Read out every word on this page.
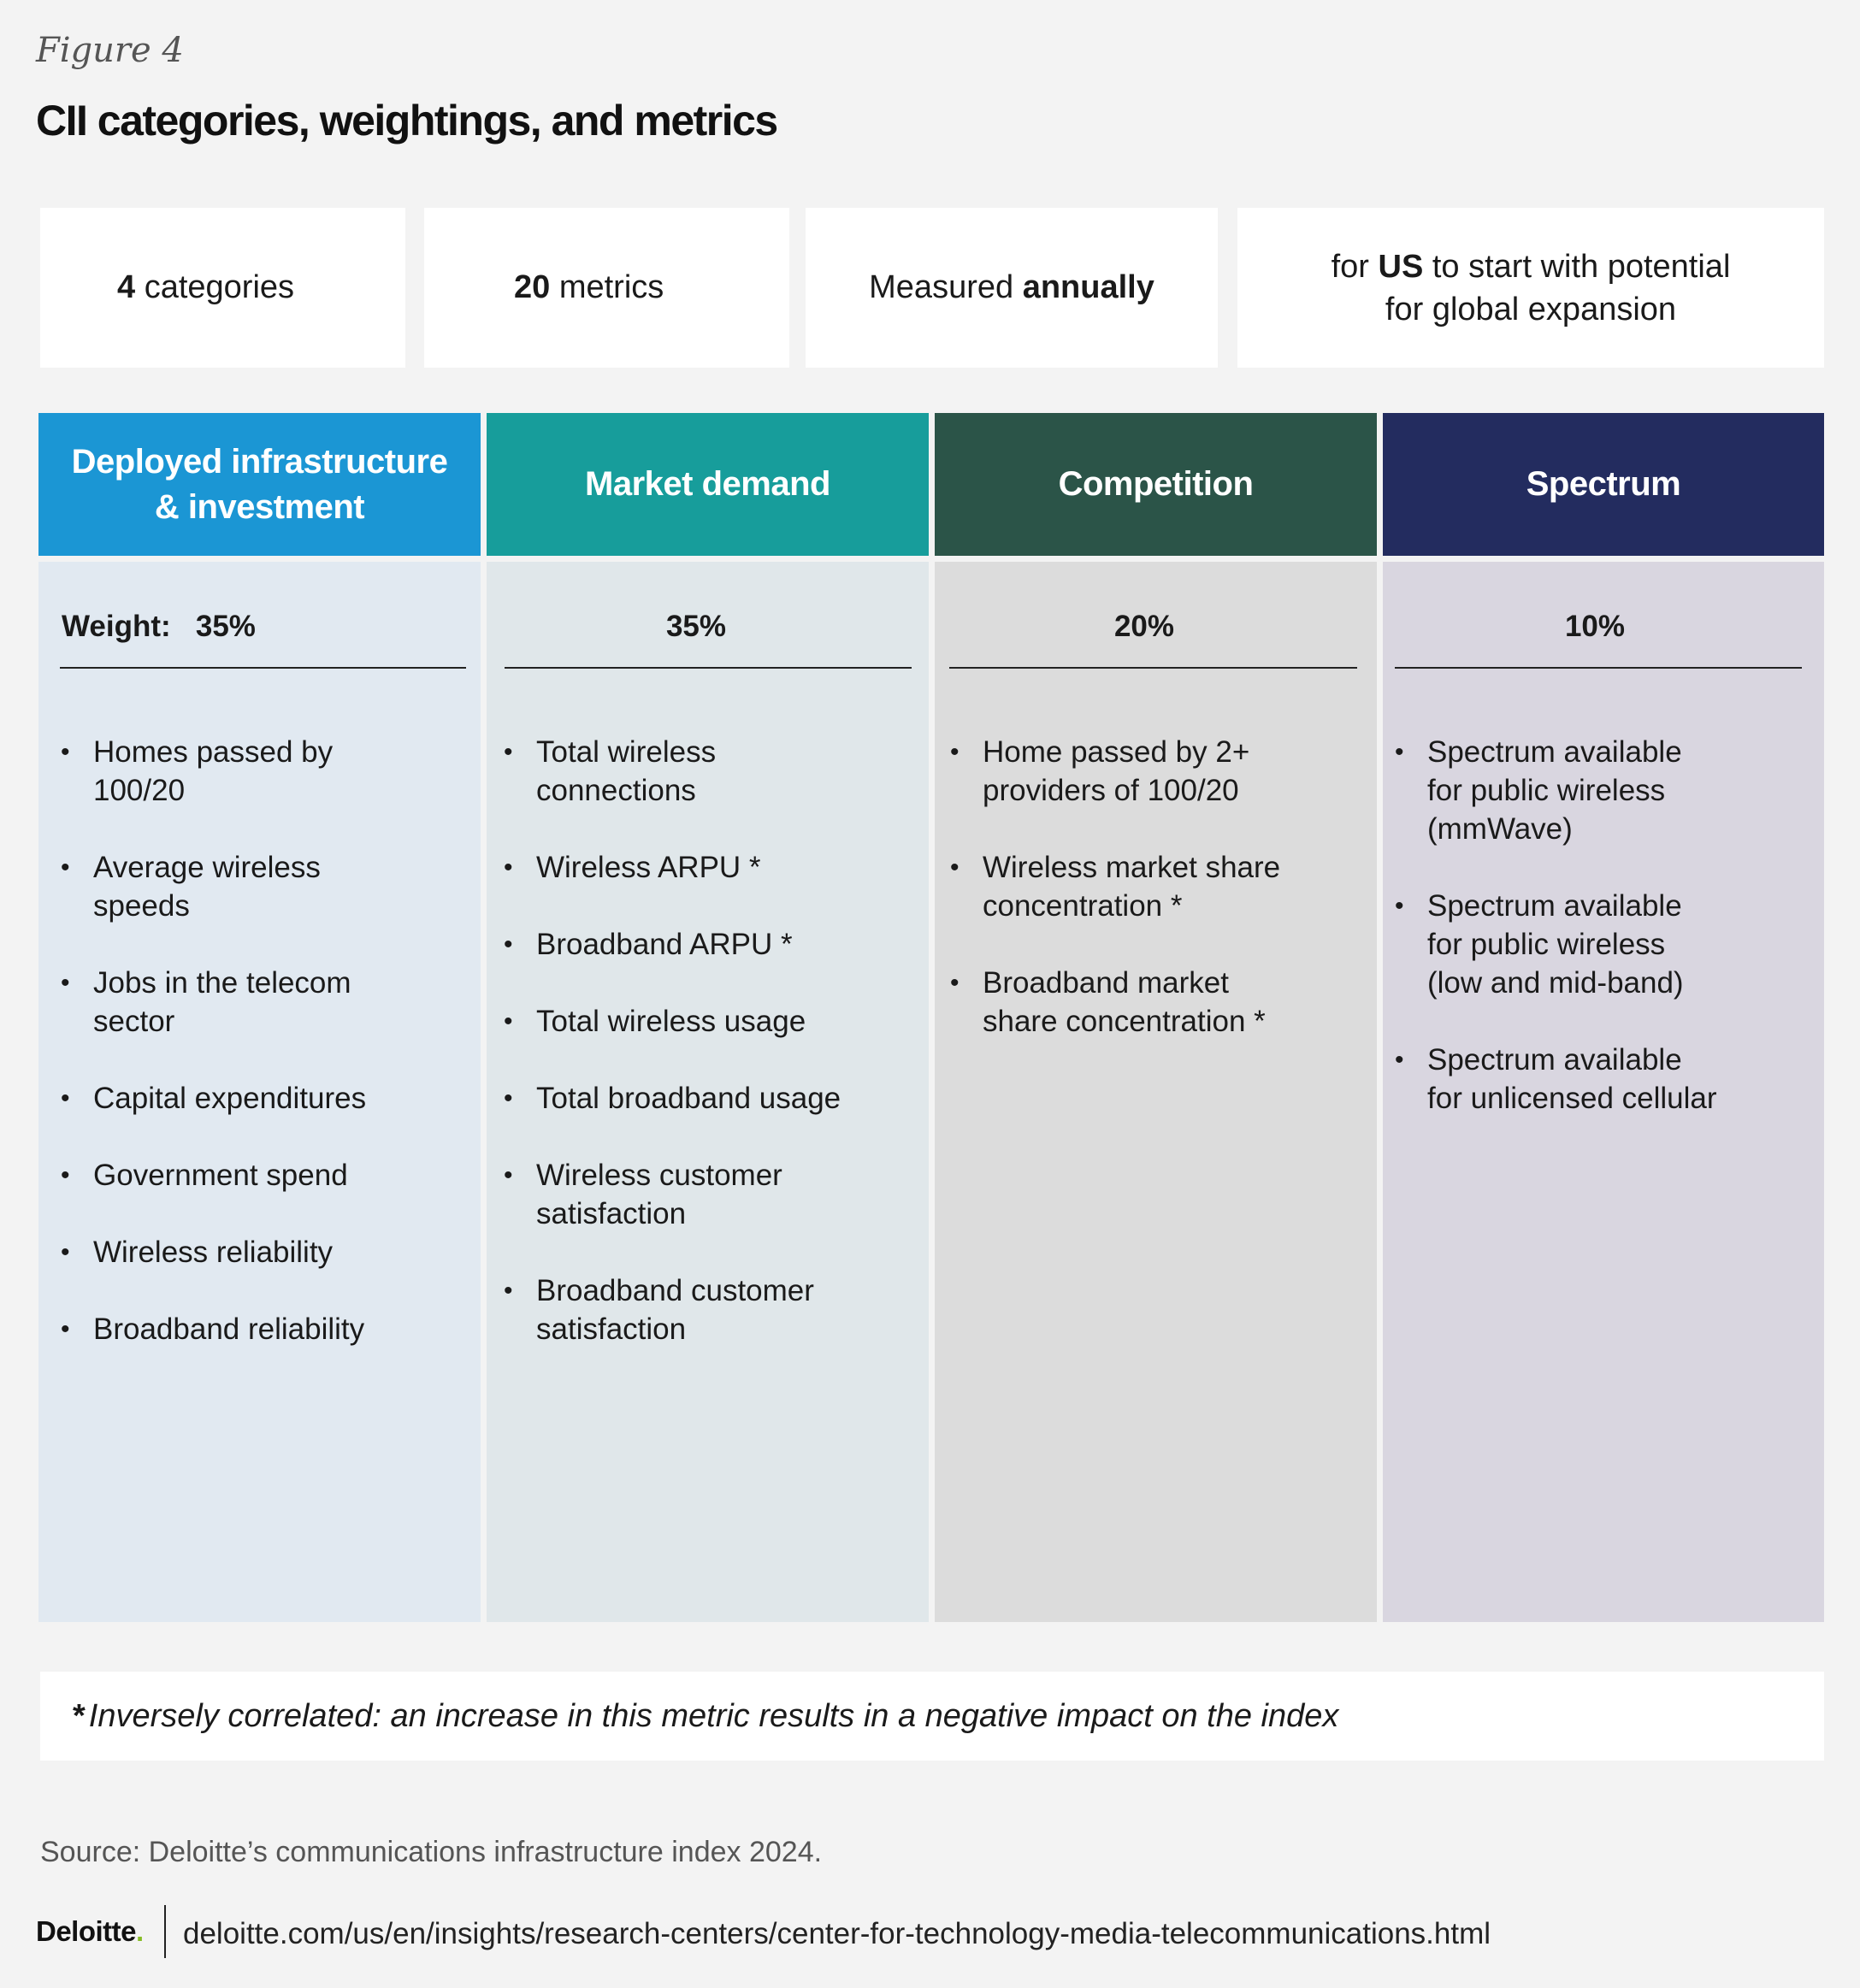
Figure 4
CII categories, weightings, and metrics
4 categories	20 metrics	Measured annually
for US to start with potential
for global expansion
Deployed infrastructure
& investment
Weight: 35%
• Homes passed by
100/20
• Average wireless
speeds
• Jobs in the telecom
sector
• Capital expenditures
• Government spend
• Wireless reliability
• Broadband reliability
Market demand
35%
• Total wireless
connections
• Wireless ARPU *
• Broadband ARPU *
• Total wireless usage
• Total broadband usage
• Wireless customer
satisfaction
• Broadband customer
satisfaction
Competition
20%
• Home passed by 2+
providers of 100/20
• Wireless market share
concentration *
• Broadband market
share concentration *
Spectrum
10%
• Spectrum available
for public wireless
(mmWave)
• Spectrum available
for public wireless
(low and mid-band)
• Spectrum available
for unlicensed cellular
* Inversely correlated: an increase in this metric results in a negative impact on the index
Source: Deloitte’s communications infrastructure index 2024.
Deloitte. deloitte.com/us/en/insights/research-centers/center-for-technology-media-telecommunications.html
